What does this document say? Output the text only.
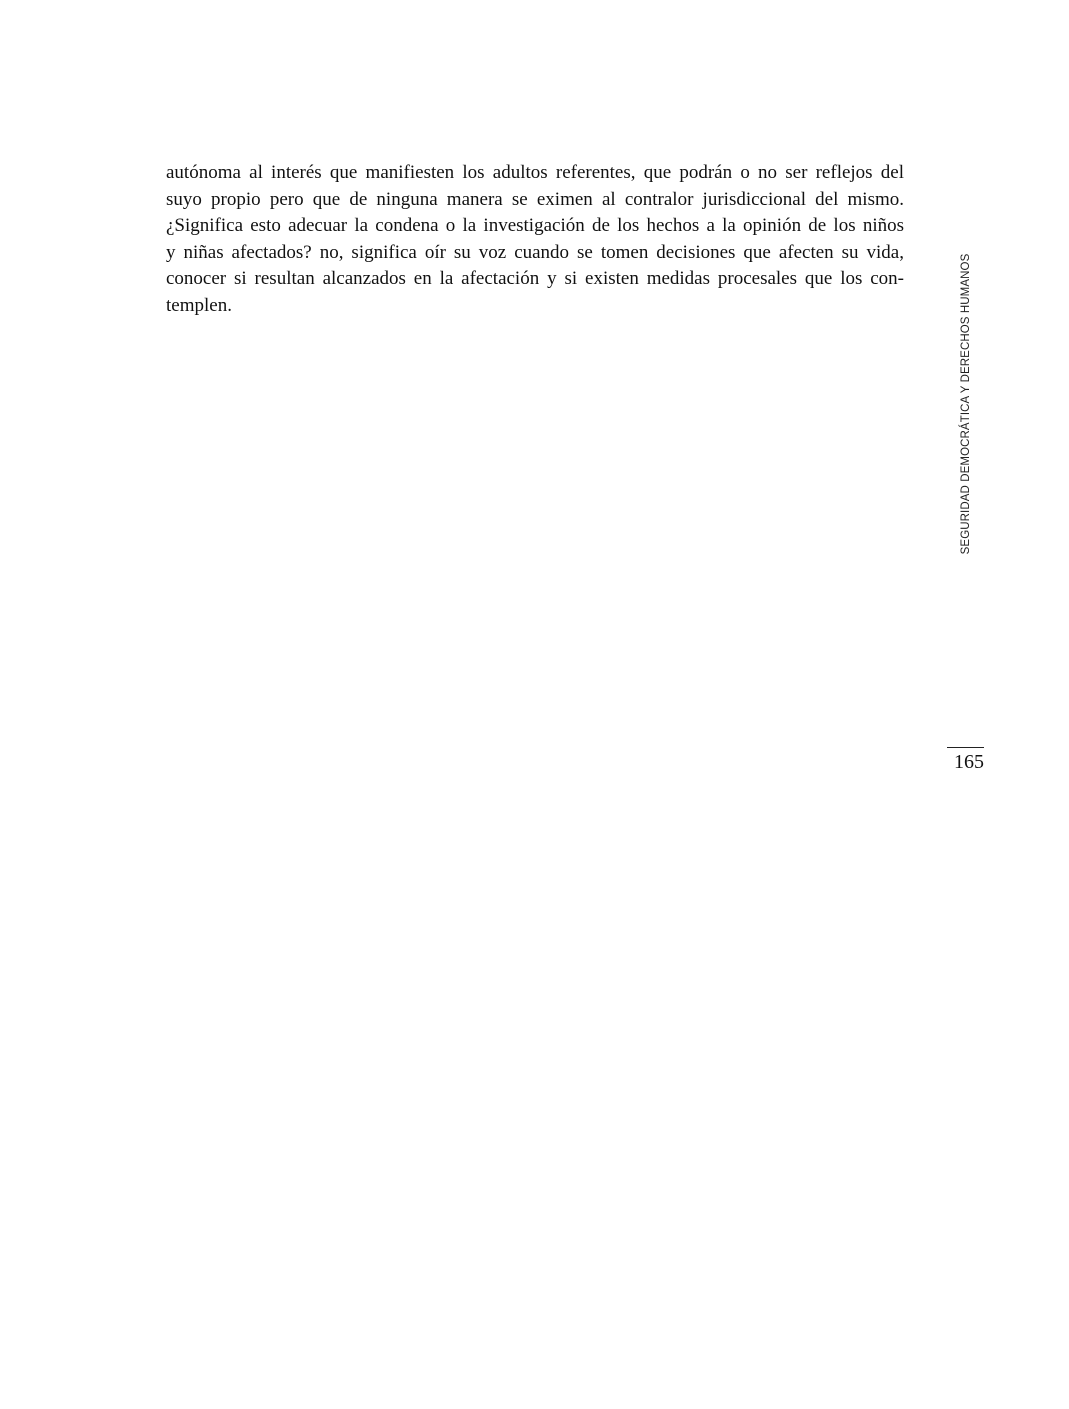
autónoma al interés que manifiesten los adultos referentes, que podrán o no ser reflejos del
suyo propio pero que de ninguna manera se eximen al contralor jurisdiccional del mismo.
¿Significa esto adecuar la condena o la investigación de los hechos a la opinión de los niños
y niñas afectados? no, significa oír su voz cuando se tomen decisiones que afecten su vida,
conocer si resultan alcanzados en la afectación y si existen medidas procesales que los con-
templen.	SEGURIDAD DEMOCRÁTICA Y DERECHOS HUMANOS
165
